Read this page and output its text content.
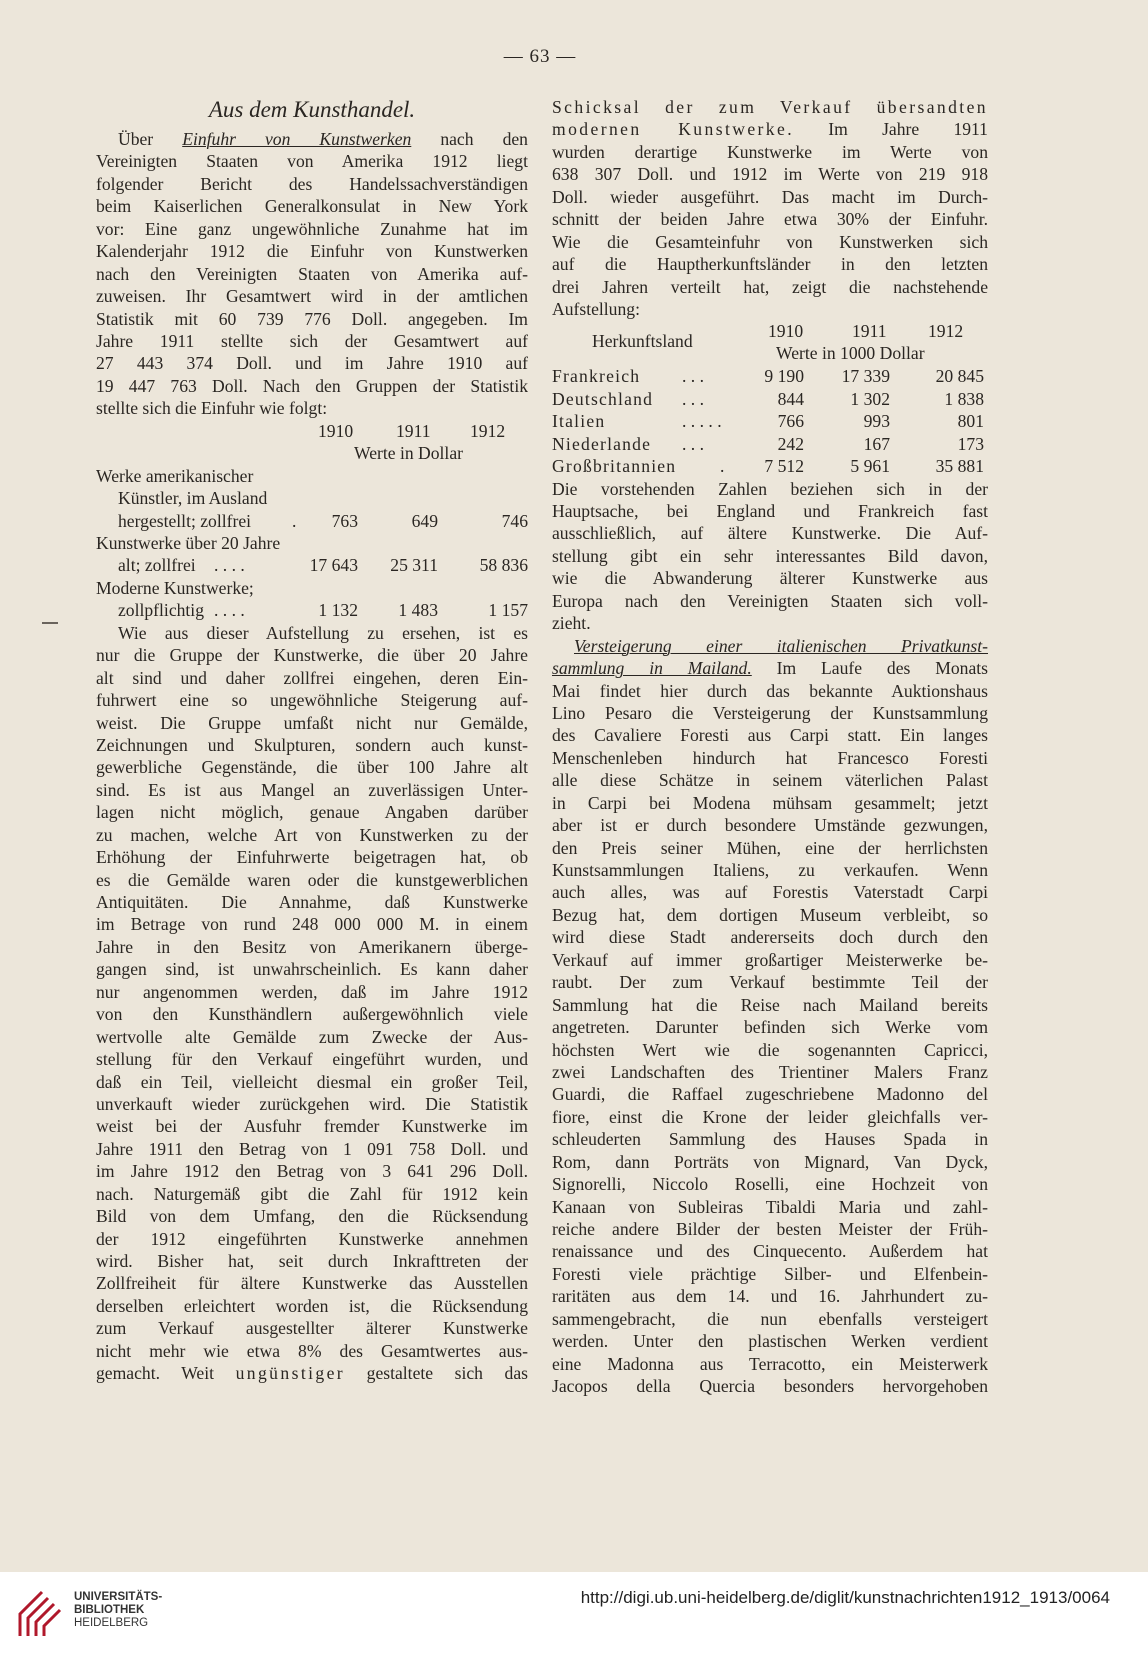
— 63 —
Aus dem Kunsthandel.
Über Einfuhr von Kunstwerken nach den
Vereinigten Staaten von Amerika 1912 liegt
folgender Bericht des Handelssachverständigen
beim Kaiserlichen Generalkonsulat in New York
vor: Eine ganz ungewöhnliche Zunahme hat im
Kalenderjahr 1912 die Einfuhr von Kunstwerken
nach den Vereinigten Staaten von Amerika auf-
zuweisen. Ihr Gesamtwert wird in der amtlichen
Statistik mit 60 739 776 Doll. angegeben. Im
Jahre 1911 stellte sich der Gesamtwert auf
27 443 374 Doll. und im Jahre 1910 auf
19 447 763 Doll. Nach den Gruppen der Statistik
stellte sich die Einfuhr wie folgt:
1910 1911 1912
Werte in Dollar
Werke amerikanischer
Künstler, im Ausland
hergestellt; zollfrei .	763	649	746
Kunstwerke über 20 Jahre
alt; zollfrei . . . .	17 643	25 311	58 836
Moderne Kunstwerke;
zollpflichtig . . . .	1 132	1 483	1 157
Wie aus dieser Aufstellung zu ersehen, ist es
nur die Gruppe der Kunstwerke, die über 20 Jahre
alt sind und daher zollfrei eingehen, deren Ein-
fuhrwert eine so ungewöhnliche Steigerung auf-
weist. Die Gruppe umfaßt nicht nur Gemälde,
Zeichnungen und Skulpturen, sondern auch kunst-
gewerbliche Gegenstände, die über 100 Jahre alt
sind. Es ist aus Mangel an zuverlässigen Unter-
lagen nicht möglich, genaue Angaben darüber
zu machen, welche Art von Kunstwerken zu der
Erhöhung der Einfuhrwerte beigetragen hat, ob
es die Gemälde waren oder die kunstgewerblichen
Antiquitäten. Die Annahme, daß Kunstwerke
im Betrage von rund 248 000 000 M. in einem
Jahre in den Besitz von Amerikanern überge-
gangen sind, ist unwahrscheinlich. Es kann daher
nur angenommen werden, daß im Jahre 1912
von den Kunsthändlern außergewöhnlich viele
wertvolle alte Gemälde zum Zwecke der Aus-
stellung für den Verkauf eingeführt wurden, und
daß ein Teil, vielleicht diesmal ein großer Teil,
unverkauft wieder zurückgehen wird. Die Statistik
weist bei der Ausfuhr fremder Kunstwerke im
Jahre 1911 den Betrag von 1 091 758 Doll. und
im Jahre 1912 den Betrag von 3 641 296 Doll.
nach. Naturgemäß gibt die Zahl für 1912 kein
Bild von dem Umfang, den die Rücksendung
der 1912 eingeführten Kunstwerke annehmen
wird. Bisher hat, seit durch Inkrafttreten der
Zollfreiheit für ältere Kunstwerke das Ausstellen
derselben erleichtert worden ist, die Rücksendung
zum Verkauf ausgestellter älterer Kunstwerke
nicht mehr wie etwa 8% des Gesamtwertes aus-
gemacht. Weit ungünstiger gestaltete sich das
Schicksal der zum Verkauf übersandten
modernen Kunstwerke. Im Jahre 1911
wurden derartige Kunstwerke im Werte von
638 307 Doll. und 1912 im Werte von 219 918
Doll. wieder ausgeführt. Das macht im Durch-
schnitt der beiden Jahre etwa 30% der Einfuhr.
Wie die Gesamteinfuhr von Kunstwerken sich
auf die Hauptherkunftsländer in den letzten
drei Jahren verteilt hat, zeigt die nachstehende
Aufstellung:
Herkunftsland	1910	1911 1912
Werte in 1000 Dollar
Frankreich . . .	9 190	17 339	20 845
Deutschland . . .	844	1 302	1 838
Italien	. . . . .	766	993	801
Niederlande . . .	242	167	173
Großbritannien .	7 512	5 961	35 881
Die vorstehenden Zahlen beziehen sich in der
Hauptsache, bei England und Frankreich fast
ausschließlich, auf ältere Kunstwerke. Die Auf-
stellung gibt ein sehr interessantes Bild davon,
wie die Abwanderung älterer Kunstwerke aus
Europa nach den Vereinigten Staaten sich voll-
zieht.
Versteigerung einer italienischen Privatkunst-
sammlung in Mailand. Im Laufe des Monats
Mai findet hier durch das bekannte Auktionshaus
Lino Pesaro die Versteigerung der Kunstsammlung
des Cavaliere Foresti aus Carpi statt. Ein langes
Menschenleben hindurch hat Francesco Foresti
alle diese Schätze in seinem väterlichen Palast
in Carpi bei Modena mühsam gesammelt; jetzt
aber ist er durch besondere Umstände gezwungen,
den Preis seiner Mühen, eine der herrlichsten
Kunstsammlungen Italiens, zu verkaufen. Wenn
auch alles, was auf Forestis Vaterstadt Carpi
Bezug hat, dem dortigen Museum verbleibt, so
wird diese Stadt andererseits doch durch den
Verkauf auf immer großartiger Meisterwerke be-
raubt. Der zum Verkauf bestimmte Teil der
Sammlung hat die Reise nach Mailand bereits
angetreten. Darunter befinden sich Werke vom
höchsten Wert wie die sogenannten Capricci,
zwei Landschaften des Trientiner Malers Franz
Guardi, die Raffael zugeschriebene Madonno del
fiore, einst die Krone der leider gleichfalls ver-
schleuderten Sammlung des Hauses Spada in
Rom, dann Porträts von Mignard, Van Dyck,
Signorelli, Niccolo Roselli, eine Hochzeit von
Kanaan von Subleiras Tibaldi Maria und zahl-
reiche andere Bilder der besten Meister der Früh-
renaissance und des Cinquecento. Außerdem hat
Foresti viele prächtige Silber- und Elfenbein-
raritäten aus dem 14. und 16. Jahrhundert zu-
sammengebracht, die nun ebenfalls versteigert
werden. Unter den plastischen Werken verdient
eine Madonna aus Terracotto, ein Meisterwerk
Jacopos della Quercia besonders hervorgehoben
UNIVERSITÄTS-
BIBLIOTHEK
HEIDELBERG
http://digi.ub.uni-heidelberg.de/diglit/kunstnachrichten1912_1913/0064
